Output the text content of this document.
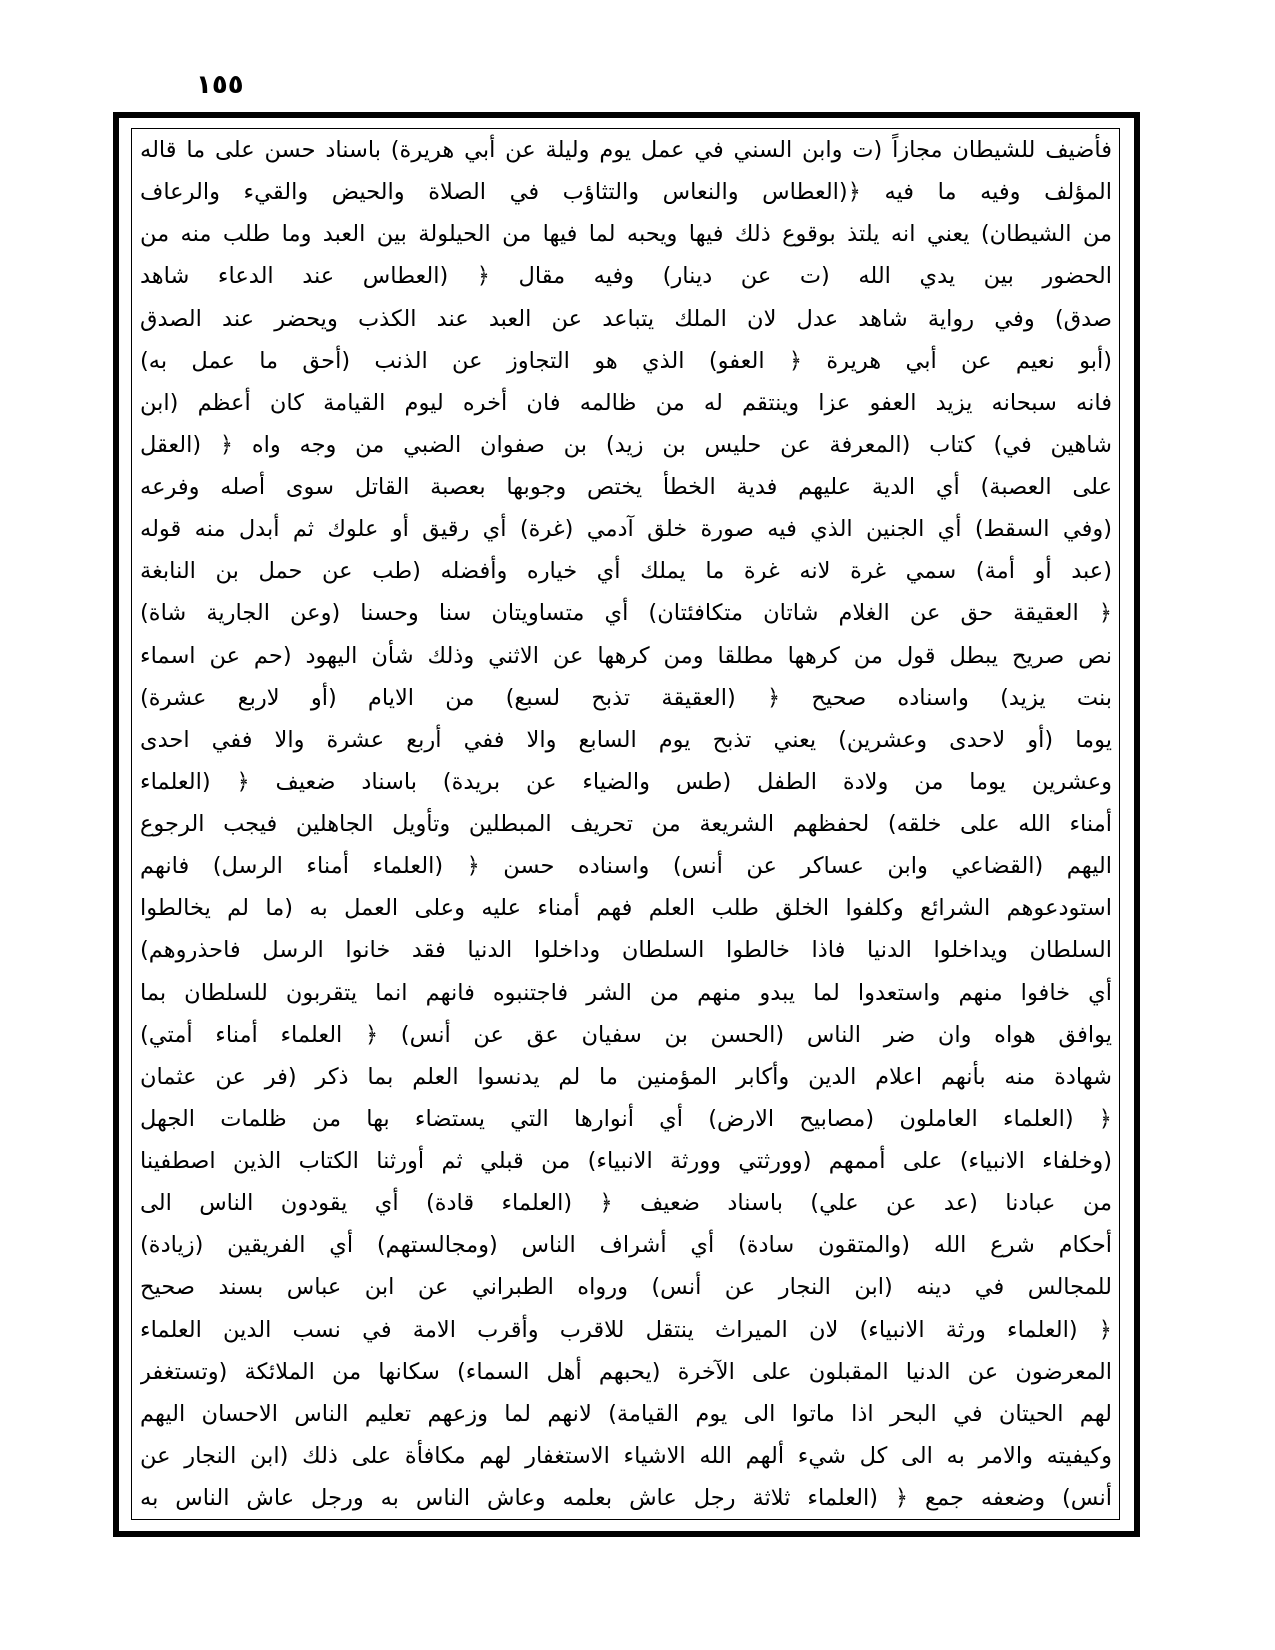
١٥٥
فأضيف للشيطان مجازاً (ت وابن السني في عمل يوم وليلة عن أبي هريرة) باسناد حسن على ما قاله
المؤلف وفيه ما فيه ﴿(العطاس والنعاس والتثاؤب في الصلاة والحيض والقيء والرعاف
من الشيطان) يعني انه يلتذ بوقوع ذلك فيها ويحبه لما فيها من الحيلولة بين العبد وما طلب منه من
الحضور بين يدي الله (ت عن دينار) وفيه مقال ﴿ (العطاس عند الدعاء شاهد
صدق) وفي رواية شاهد عدل لان الملك يتباعد عن العبد عند الكذب ويحضر عند الصدق
(أبو نعيم عن أبي هريرة ﴿ العفو) الذي هو التجاوز عن الذنب (أحق ما عمل به)
فانه سبحانه يزيد العفو عزا وينتقم له من ظالمه فان أخره ليوم القيامة كان أعظم (ابن
شاهين في) كتاب (المعرفة عن حليس بن زيد) بن صفوان الضبي من وجه واه ﴿ (العقل
على العصبة) أي الدية عليهم فدية الخطأ يختص وجوبها بعصبة القاتل سوى أصله وفرعه
(وفي السقط) أي الجنين الذي فيه صورة خلق آدمي (غرة) أي رقيق أو علوك ثم أبدل منه قوله
(عبد أو أمة) سمي غرة لانه غرة ما يملك أي خياره وأفضله (طب عن حمل بن النابغة
﴿ العقيقة حق عن الغلام شاتان متكافئتان) أي متساويتان سنا وحسنا (وعن الجارية شاة)
نص صريح يبطل قول من كرهها مطلقا ومن كرهها عن الاثني وذلك شأن اليهود (حم عن اسماء
بنت يزيد) واسناده صحيح ﴿ (العقيقة تذبح لسبع) من الايام (أو لاربع عشرة)
يوما (أو لاحدى وعشرين) يعني تذبح يوم السابع والا ففي أربع عشرة والا ففي احدى
وعشرين يوما من ولادة الطفل (طس والضياء عن بريدة) باسناد ضعيف ﴿ (العلماء
أمناء الله على خلقه) لحفظهم الشريعة من تحريف المبطلين وتأويل الجاهلين فيجب الرجوع
اليهم (القضاعي وابن عساكر عن أنس) واسناده حسن ﴿ (العلماء أمناء الرسل) فانهم
استودعوهم الشرائع وكلفوا الخلق طلب العلم فهم أمناء عليه وعلى العمل به (ما لم يخالطوا
السلطان ويداخلوا الدنيا فاذا خالطوا السلطان وداخلوا الدنيا فقد خانوا الرسل فاحذروهم)
أي خافوا منهم واستعدوا لما يبدو منهم من الشر فاجتنبوه فانهم انما يتقربون للسلطان بما
يوافق هواه وان ضر الناس (الحسن بن سفيان عق عن أنس) ﴿ العلماء أمناء أمتي)
شهادة منه بأنهم اعلام الدين وأكابر المؤمنين ما لم يدنسوا العلم بما ذكر (فر عن عثمان
﴿ (العلماء العاملون (مصابيح الارض) أي أنوارها التي يستضاء بها من ظلمات الجهل
(وخلفاء الانبياء) على أممهم (وورثتي وورثة الانبياء) من قبلي ثم أورثنا الكتاب الذين اصطفينا
من عبادنا (عد عن علي) باسناد ضعيف ﴿ (العلماء قادة) أي يقودون الناس الى
أحكام شرع الله (والمتقون سادة) أي أشراف الناس (ومجالستهم) أي الفريقين (زيادة)
للمجالس في دينه (ابن النجار عن أنس) ورواه الطبراني عن ابن عباس بسند صحيح
﴿ (العلماء ورثة الانبياء) لان الميراث ينتقل للاقرب وأقرب الامة في نسب الدين العلماء
المعرضون عن الدنيا المقبلون على الآخرة (يحبهم أهل السماء) سكانها من الملائكة (وتستغفر
لهم الحيتان في البحر اذا ماتوا الى يوم القيامة) لانهم لما وزعهم تعليم الناس الاحسان اليهم
وكيفيته والامر به الى كل شيء ألهم الله الاشياء الاستغفار لهم مكافأة على ذلك (ابن النجار عن
أنس) وضعفه جمع ﴿ (العلماء ثلاثة رجل عاش بعلمه وعاش الناس به ورجل عاش الناس به
